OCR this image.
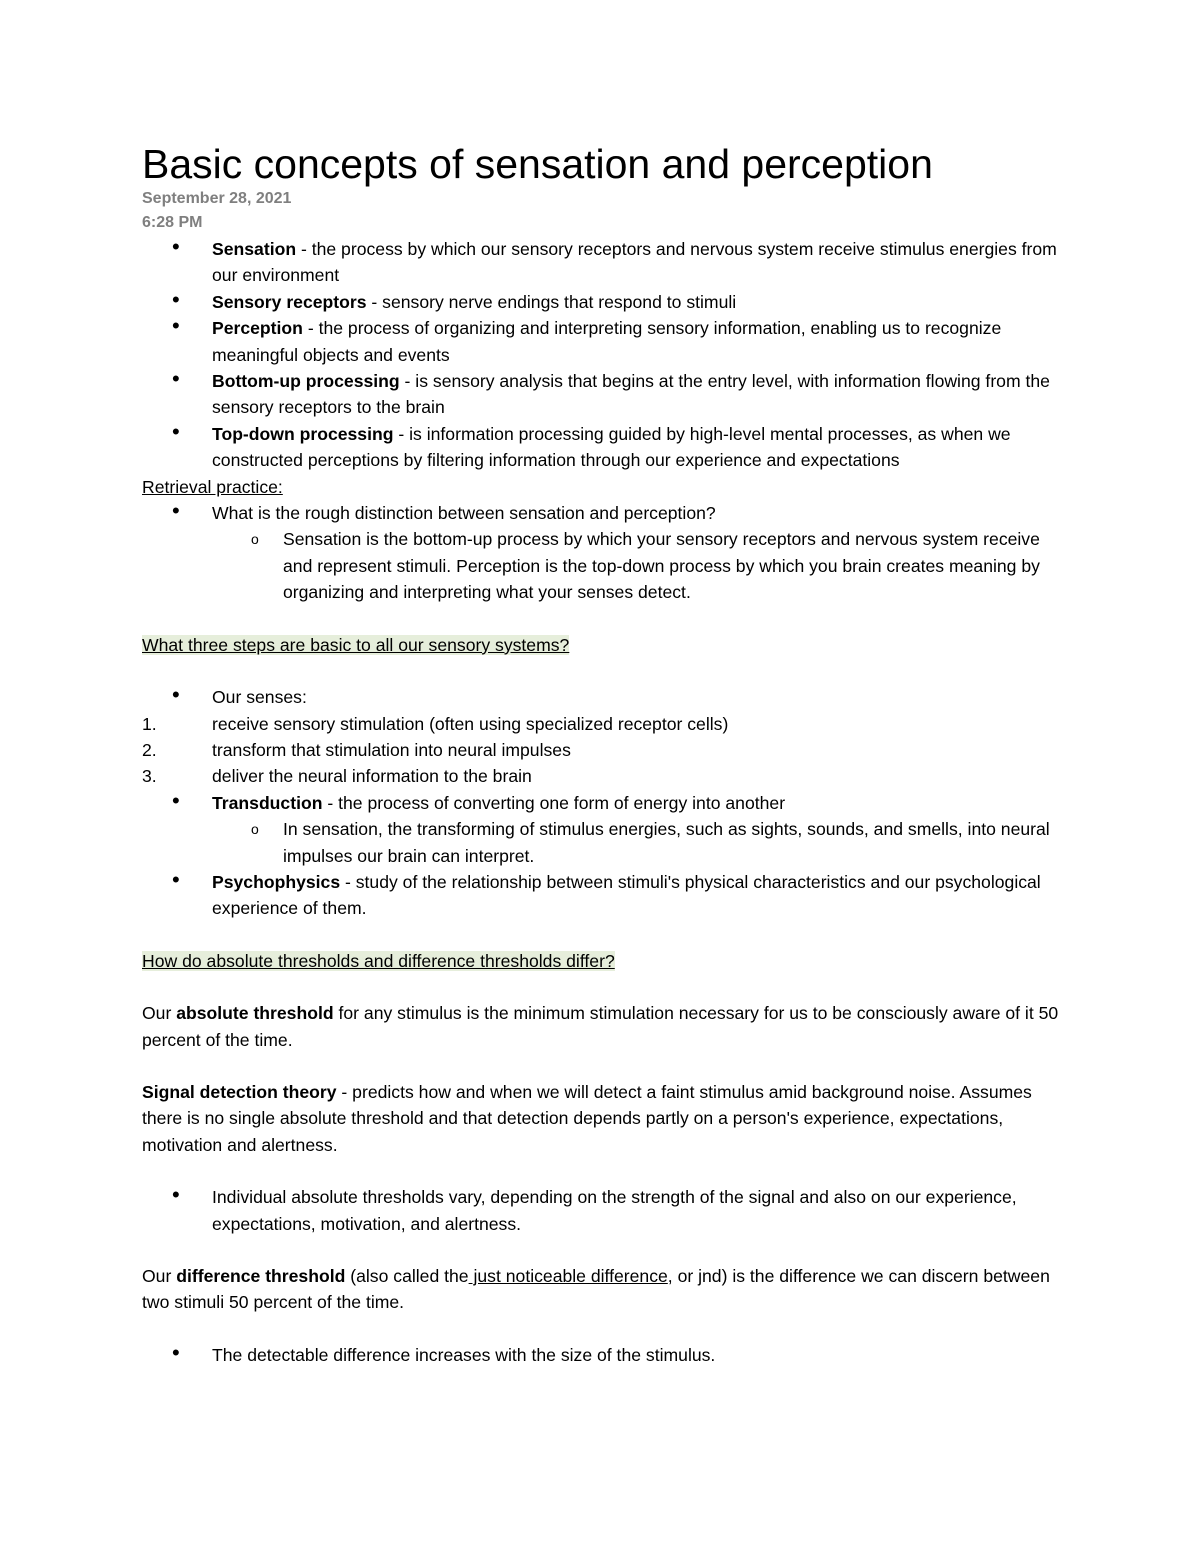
Basic concepts of sensation and perception
September 28, 2021
6:28 PM
• Sensation - the process by which our sensory receptors and nervous system receive stimulus energies from our environment
• Sensory receptors - sensory nerve endings that respond to stimuli
• Perception - the process of organizing and interpreting sensory information, enabling us to recognize meaningful objects and events
• Bottom-up processing - is sensory analysis that begins at the entry level, with information flowing from the sensory receptors to the brain
• Top-down processing - is information processing guided by high-level mental processes, as when we constructed perceptions by filtering information through our experience and expectations
Retrieval practice:
• What is the rough distinction between sensation and perception?
o Sensation is the bottom-up process by which your sensory receptors and nervous system receive and represent stimuli. Perception is the top-down process by which you brain creates meaning by organizing and interpreting what your senses detect.
What three steps are basic to all our sensory systems?
• Our senses:
1.	receive sensory stimulation (often using specialized receptor cells)
2.	transform that stimulation into neural impulses
3.	deliver the neural information to the brain
• Transduction - the process of converting one form of energy into another
o In sensation, the transforming of stimulus energies, such as sights, sounds, and smells, into neural impulses our brain can interpret.
• Psychophysics - study of the relationship between stimuli's physical characteristics and our psychological experience of them.
How do absolute thresholds and difference thresholds differ?
Our absolute threshold for any stimulus is the minimum stimulation necessary for us to be consciously aware of it 50 percent of the time.
Signal detection theory - predicts how and when we will detect a faint stimulus amid background noise. Assumes there is no single absolute threshold and that detection depends partly on a person's experience, expectations, motivation and alertness.
• Individual absolute thresholds vary, depending on the strength of the signal and also on our experience, expectations, motivation, and alertness.
Our difference threshold (also called the just noticeable difference, or jnd) is the difference we can discern between two stimuli 50 percent of the time.
• The detectable difference increases with the size of the stimulus.
